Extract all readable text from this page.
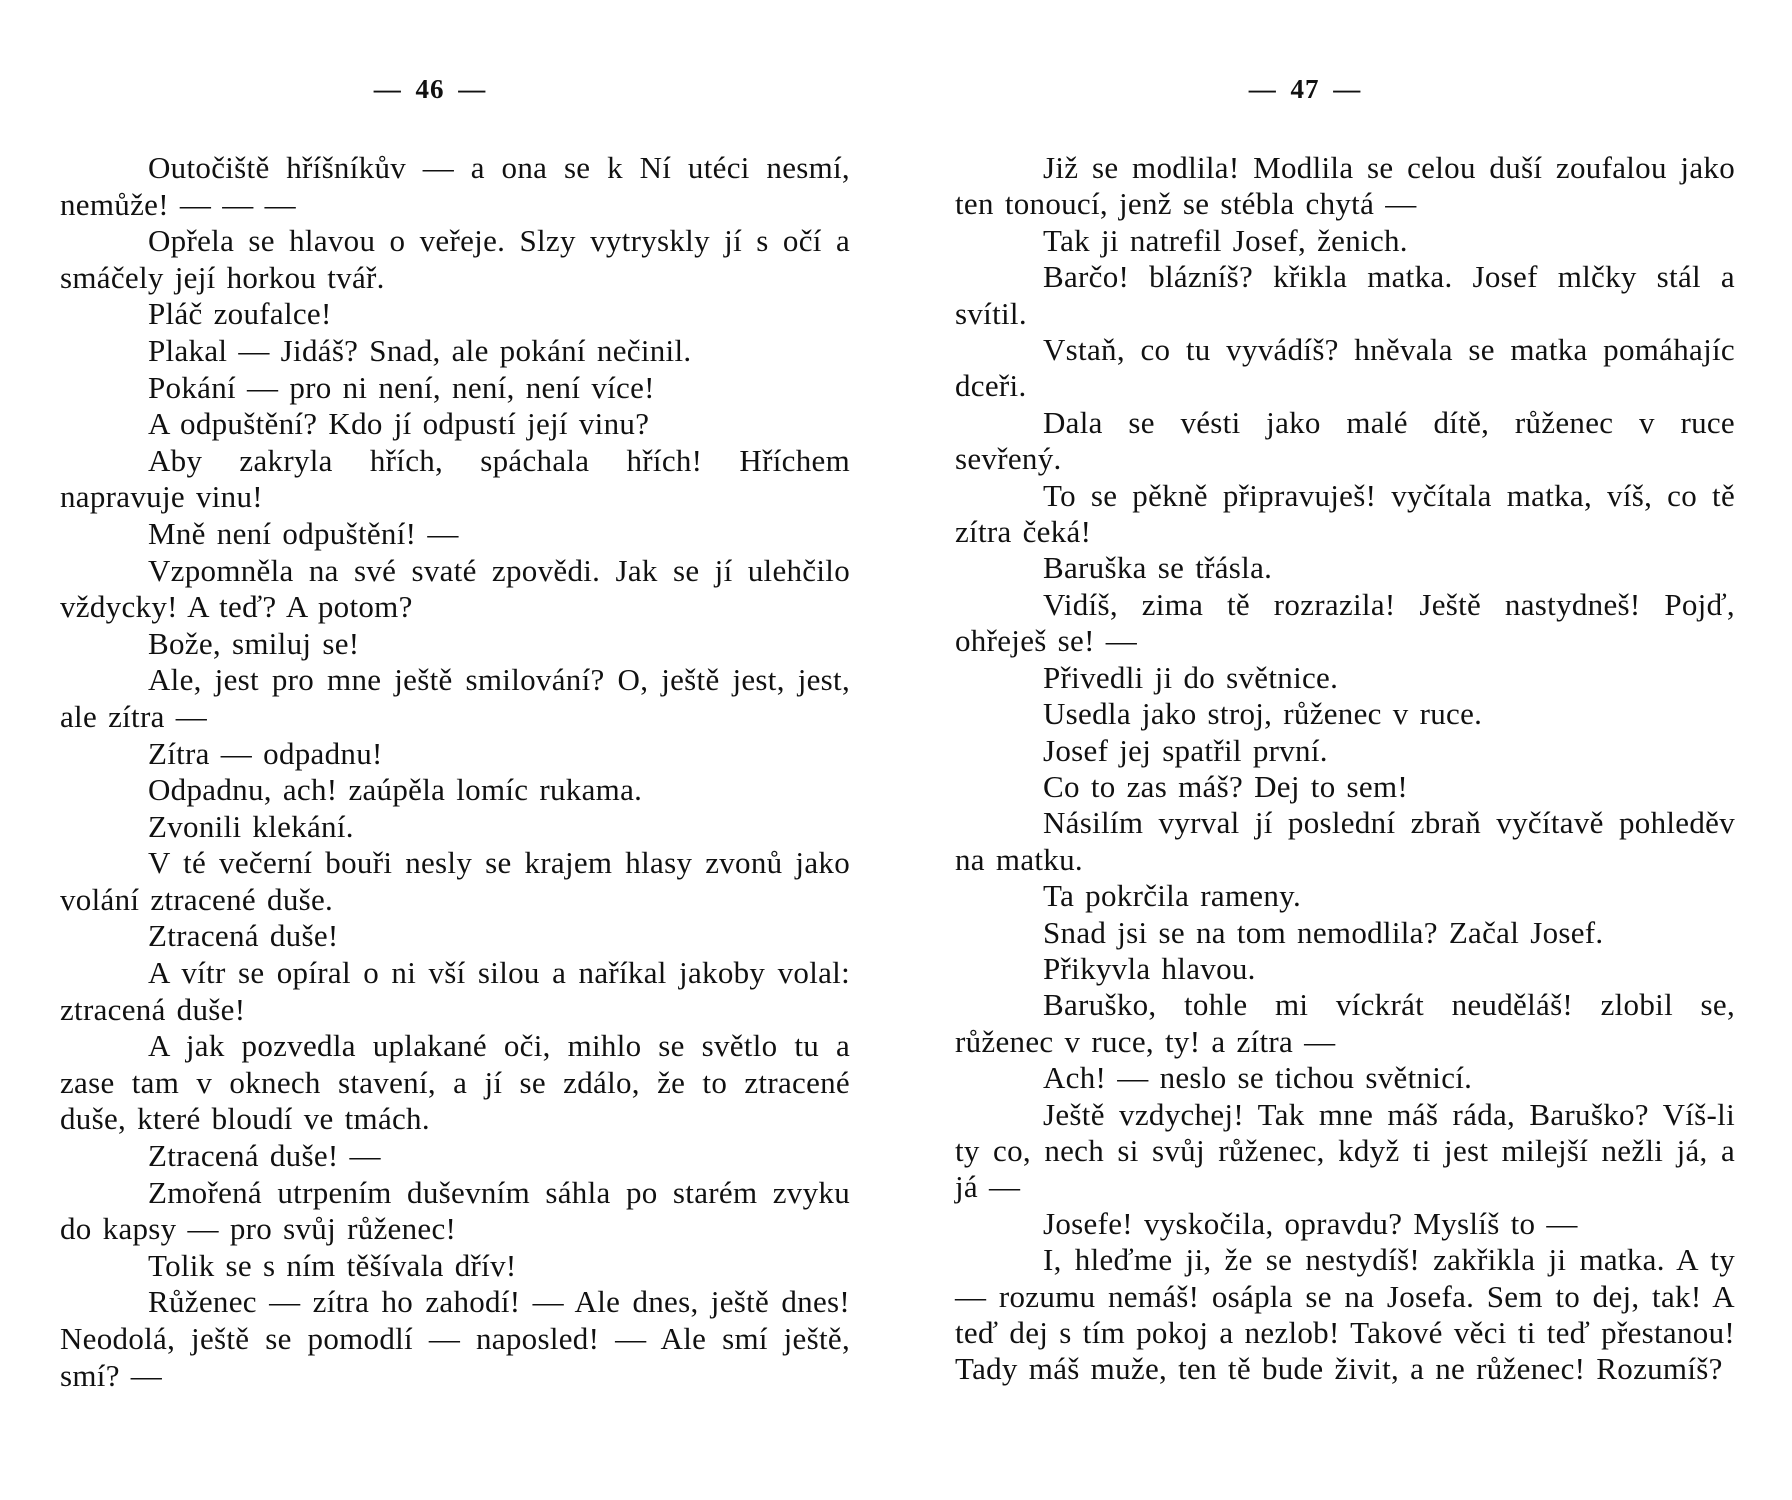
— 46 —

Outočiště hříšníkův — a ona se k Ní utéci nesmí, nemůže! — — —

Opřela se hlavou o veřeje. Slzy vytryskly jí s očí a smáčely její horkou tvář.

Pláč zoufalce!

Plakal — Jidáš? Snad, ale pokání nečinil.

Pokání — pro ni není, není, není více!

A odpuštění? Kdo jí odpustí její vinu?

Aby zakryla hřích, spáchala hřích! Hříchem napravuje vinu!

Mně není odpuštění! —

Vzpomněla na své svaté zpovědi. Jak se jí ulehčilo vždycky! A teď? A potom?

Bože, smiluj se!

Ale, jest pro mne ještě smilování? O, ještě jest, jest, ale zítra —

Zítra — odpadnu!

Odpadnu, ach! zaúpěla lomíc rukama.

Zvonili klekání.

V té večerní bouři nesly se krajem hlasy zvonů jako volání ztracené duše.

Ztracená duše!

A vítr se opíral o ni vší silou a naříkal jakoby volal: ztracená duše!

A jak pozvedla uplakané oči, mihlo se světlo tu a zase tam v oknech stavení, a jí se zdálo, že to ztracené duše, které bloudí ve tmách.

Ztracená duše! —

Zmořená utrpením duševním sáhla po starém zvyku do kapsy — pro svůj růženec!

Tolik se s ním těšívala dřív!

Růženec — zítra ho zahodí! — Ale dnes, ještě dnes! Neodolá, ještě se pomodlí — naposled! — Ale smí ještě, smí? —

— 47 —

Již se modlila! Modlila se celou duší zoufalou jako ten tonoucí, jenž se stébla chytá —

Tak ji natrefil Josef, ženich.

Barčo! blázníš? křikla matka. Josef mlčky stál a svítil.

Vstaň, co tu vyvádíš? hněvala se matka pomáhajíc dceři.

Dala se vésti jako malé dítě, růženec v ruce sevřený.

To se pěkně připravuješ! vyčítala matka, víš, co tě zítra čeká!

Baruška se třásla.

Vidíš, zima tě rozrazila! Ještě nastydneš! Pojď, ohřeješ se! —

Přivedli ji do světnice.

Usedla jako stroj, růženec v ruce.

Josef jej spatřil první.

Co to zas máš? Dej to sem!

Násilím vyrval jí poslední zbraň vyčítavě pohleděv na matku.

Ta pokrčila rameny.

Snad jsi se na tom nemodlila? Začal Josef.

Přikyvla hlavou.

Baruško, tohle mi víckrát neuděláš! zlobil se, růženec v ruce, ty! a zítra —

Ach! — neslo se tichou světnicí.

Ještě vzdychej! Tak mne máš ráda, Baruško? Víš-li ty co, nech si svůj růženec, když ti jest milejší nežli já, a já —

Josefe! vyskočila, opravdu? Myslíš to —

I, hleďme ji, že se nestydíš! zakřikla ji matka. A ty — rozumu nemáš! osápla se na Josefa. Sem to dej, tak! A teď dej s tím pokoj a nezlob! Takové věci ti teď přestanou! Tady máš muže, ten tě bude živit, a ne růženec! Rozumíš?
